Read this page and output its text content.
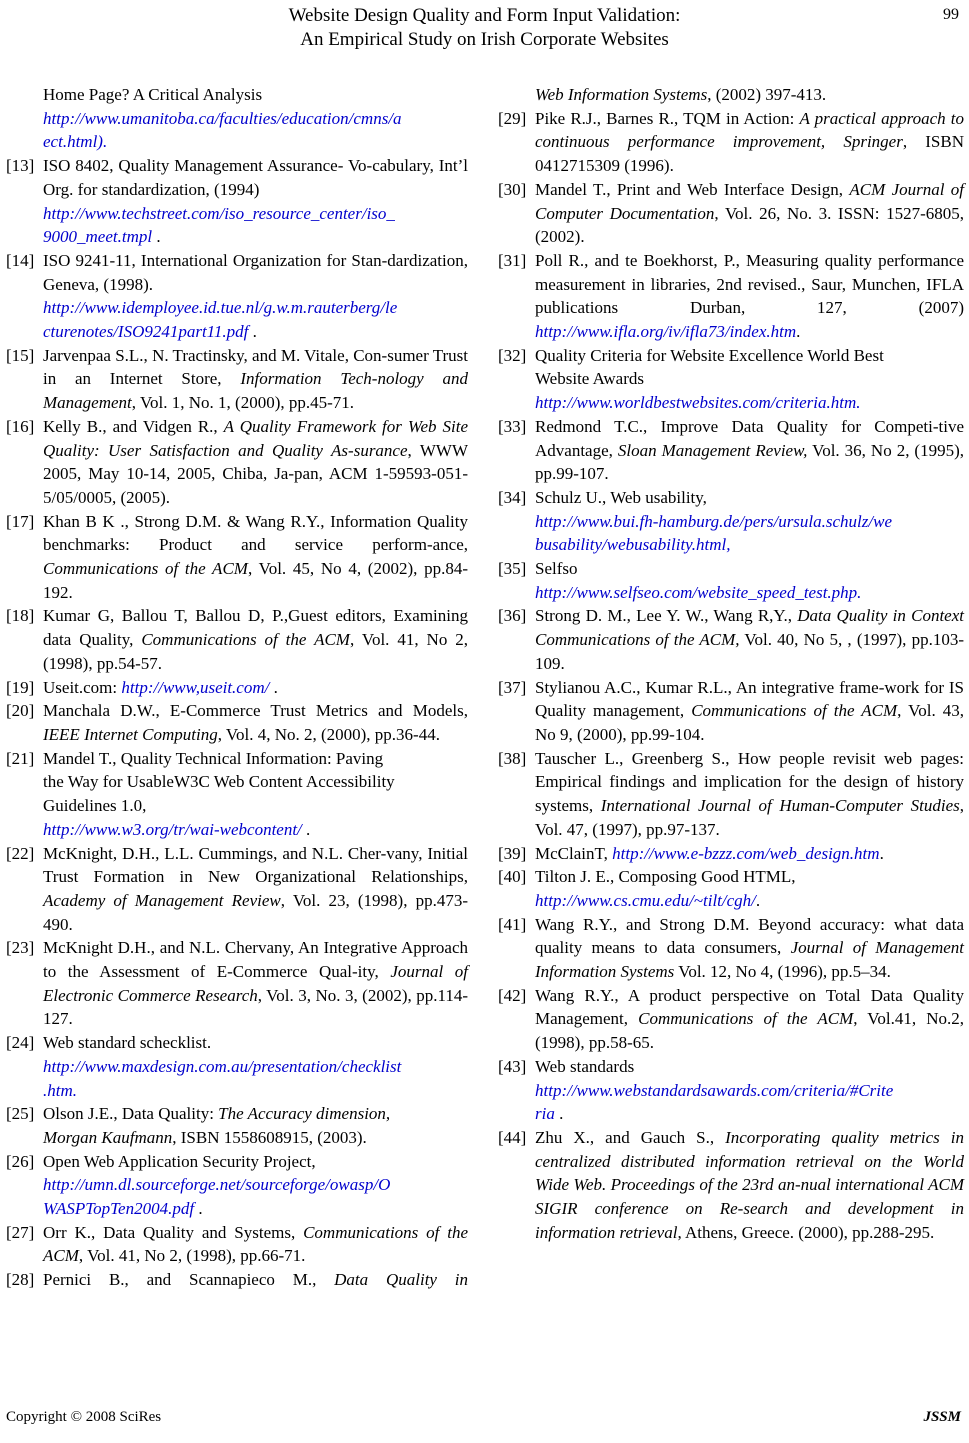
Website Design Quality and Form Input Validation:
An Empirical Study on Irish Corporate Websites
99
Home Page? A Critical Analysis
http://www.umanitoba.ca/faculties/education/cmns/a
ect.html).
[13] ISO 8402, Quality Management Assurance- Vo-cabulary, Int’l Org. for standardization, (1994)
http://www.techstreet.com/iso_resource_center/iso_
9000_meet.tmpl .
[14] ISO 9241-11, International Organization for Stan-dardization, Geneva, (1998).
http://www.idemployee.id.tue.nl/g.w.m.rauterberg/le
cturenotes/ISO9241part11.pdf .
[15] Jarvenpaa S.L., N. Tractinsky, and M. Vitale, Con-sumer Trust in an Internet Store, Information Tech-nology and Management, Vol. 1, No. 1, (2000), pp.45-71.
[16] Kelly B., and Vidgen R., A Quality Framework for Web Site Quality: User Satisfaction and Quality As-surance, WWW 2005, May 10-14, 2005, Chiba, Ja-pan, ACM 1-59593-051-5/05/0005, (2005).
[17] Khan B K ., Strong D.M. & Wang R.Y., Information Quality benchmarks: Product and service perform-ance, Communications of the ACM, Vol. 45, No 4, (2002), pp.84-192.
[18] Kumar G, Ballou T, Ballou D, P.,Guest editors, Examining data Quality, Communications of the ACM, Vol. 41, No 2, (1998), pp.54-57.
[19] Useit.com: http://www,useit.com/ .
[20] Manchala D.W., E-Commerce Trust Metrics and Models, IEEE Internet Computing, Vol. 4, No. 2, (2000), pp.36-44.
[21] Mandel T., Quality Technical Information: Paving
the Way for UsableW3C Web Content Accessibility
Guidelines 1.0,
http://www.w3.org/tr/wai-webcontent/ .
[22] McKnight, D.H., L.L. Cummings, and N.L. Cher-vany, Initial Trust Formation in New Organizational Relationships, Academy of Management Review, Vol. 23, (1998), pp.473-490.
[23] McKnight D.H., and N.L. Chervany, An Integrative Approach to the Assessment of E-Commerce Qual-ity, Journal of Electronic Commerce Research, Vol. 3, No. 3, (2002), pp.114-127.
[24] Web standard schecklist.
http://www.maxdesign.com.au/presentation/checklist
.htm.
[25] Olson J.E., Data Quality: The Accuracy dimension,
Morgan Kaufmann, ISBN 1558608915, (2003).
[26] Open Web Application Security Project,
http://umn.dl.sourceforge.net/sourceforge/owasp/O
WASPTopTen2004.pdf .
[27] Orr K., Data Quality and Systems, Communications of the ACM, Vol. 41, No 2, (1998), pp.66-71.
[28] Pernici B., and Scannapieco M., Data Quality in
Web Information Systems, (2002) 397-413.
[29] Pike R.J., Barnes R., TQM in Action: A practical approach to continuous performance improvement, Springer, ISBN 0412715309 (1996).
[30] Mandel T., Print and Web Interface Design, ACM Journal of Computer Documentation, Vol. 26, No. 3. ISSN: 1527-6805, (2002).
[31] Poll R., and te Boekhorst, P., Measuring quality performance measurement in libraries, 2nd revised., Saur, Munchen, IFLA publications Durban, 127, (2007) http://www.ifla.org/iv/ifla73/index.htm.
[32] Quality Criteria for Website Excellence World Best
Website Awards
http://www.worldbestwebsites.com/criteria.htm.
[33] Redmond T.C., Improve Data Quality for Competi-tive Advantage, Sloan Management Review, Vol. 36, No 2, (1995), pp.99-107.
[34] Schulz U., Web usability,
http://www.bui.fh-hamburg.de/pers/ursula.schulz/we
busability/webusability.html,
[35] Selfso
http://www.selfseo.com/website_speed_test.php.
[36] Strong D. M., Lee Y. W., Wang R,Y., Data Quality in Context Communications of the ACM, Vol. 40, No 5, , (1997), pp.103-109.
[37] Stylianou A.C., Kumar R.L., An integrative frame-work for IS Quality management, Communications of the ACM, Vol. 43, No 9, (2000), pp.99-104.
[38] Tauscher L., Greenberg S., How people revisit web pages: Empirical findings and implication for the design of history systems, International Journal of Human-Computer Studies, Vol. 47, (1997), pp.97-137.
[39] McClainT, http://www.e-bzzz.com/web_design.htm.
[40] Tilton J. E., Composing Good HTML,
http://www.cs.cmu.edu/~tilt/cgh/.
[41] Wang R.Y., and Strong D.M. Beyond accuracy: what data quality means to data consumers, Journal of Management Information Systems Vol. 12, No 4, (1996), pp.5–34.
[42] Wang R.Y., A product perspective on Total Data Quality Management, Communications of the ACM, Vol.41, No.2, (1998), pp.58-65.
[43] Web standards
http://www.webstandardsawards.com/criteria/#Crite
ria .
[44] Zhu X., and Gauch S., Incorporating quality metrics in centralized distributed information retrieval on the World Wide Web. Proceedings of the 23rd an-nual international ACM SIGIR conference on Re-search and development in information retrieval, Athens, Greece. (2000), pp.288-295.
Copyright © 2008 SciRes	JSSM
